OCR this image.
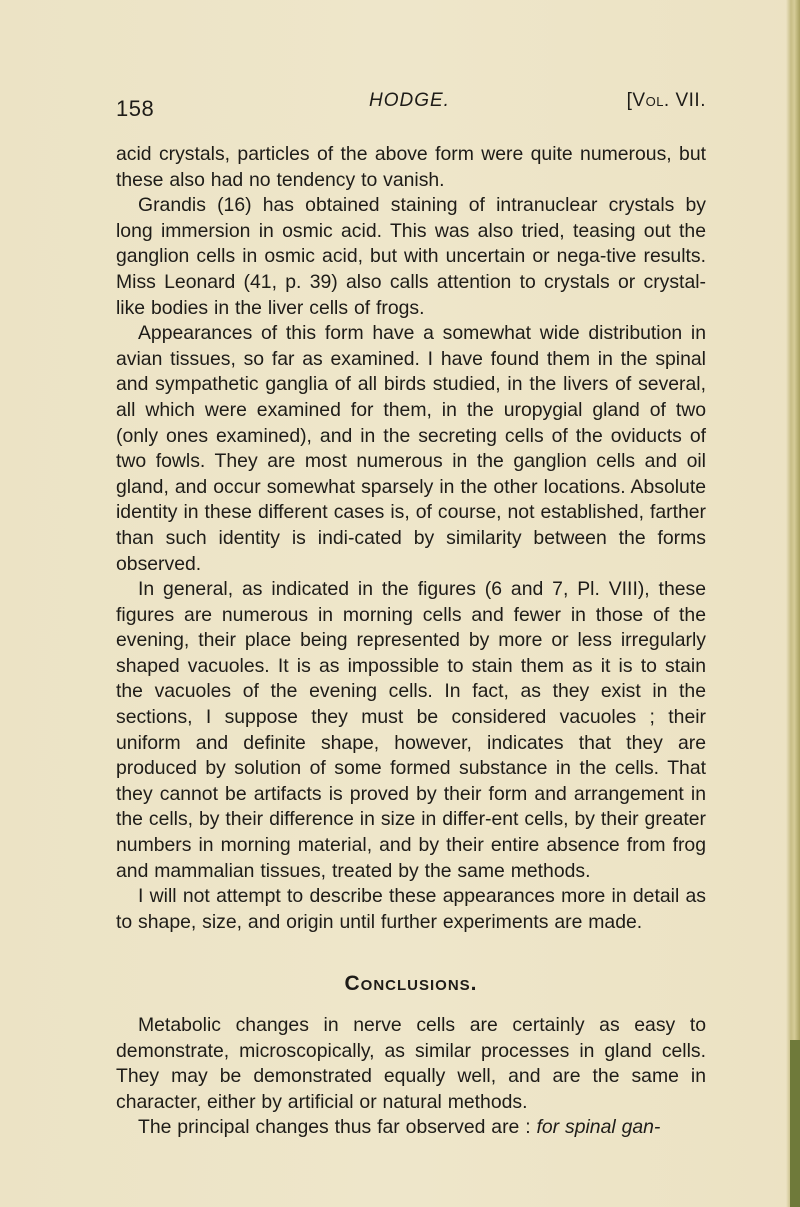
158	HODGE.	[Vol. VII.

acid crystals, particles of the above form were quite numerous, but these also had no tendency to vanish.

Grandis (16) has obtained staining of intranuclear crystals by long immersion in osmic acid. This was also tried, teasing out the ganglion cells in osmic acid, but with uncertain or nega-tive results. Miss Leonard (41, p. 39) also calls attention to crystals or crystal-like bodies in the liver cells of frogs.

Appearances of this form have a somewhat wide distribution in avian tissues, so far as examined. I have found them in the spinal and sympathetic ganglia of all birds studied, in the livers of several, all which were examined for them, in the uropygial gland of two (only ones examined), and in the secreting cells of the oviducts of two fowls. They are most numerous in the ganglion cells and oil gland, and occur somewhat sparsely in the other locations. Absolute identity in these different cases is, of course, not established, farther than such identity is indi-cated by similarity between the forms observed.

In general, as indicated in the figures (6 and 7, Pl. VIII), these figures are numerous in morning cells and fewer in those of the evening, their place being represented by more or less irregularly shaped vacuoles. It is as impossible to stain them as it is to stain the vacuoles of the evening cells. In fact, as they exist in the sections, I suppose they must be considered vacuoles ; their uniform and definite shape, however, indicates that they are produced by solution of some formed substance in the cells. That they cannot be artifacts is proved by their form and arrangement in the cells, by their difference in size in differ-ent cells, by their greater numbers in morning material, and by their entire absence from frog and mammalian tissues, treated by the same methods.

I will not attempt to describe these appearances more in detail as to shape, size, and origin until further experiments are made.

Conclusions.

Metabolic changes in nerve cells are certainly as easy to demonstrate, microscopically, as similar processes in gland cells. They may be demonstrated equally well, and are the same in character, either by artificial or natural methods.

The principal changes thus far observed are : for spinal gan-
